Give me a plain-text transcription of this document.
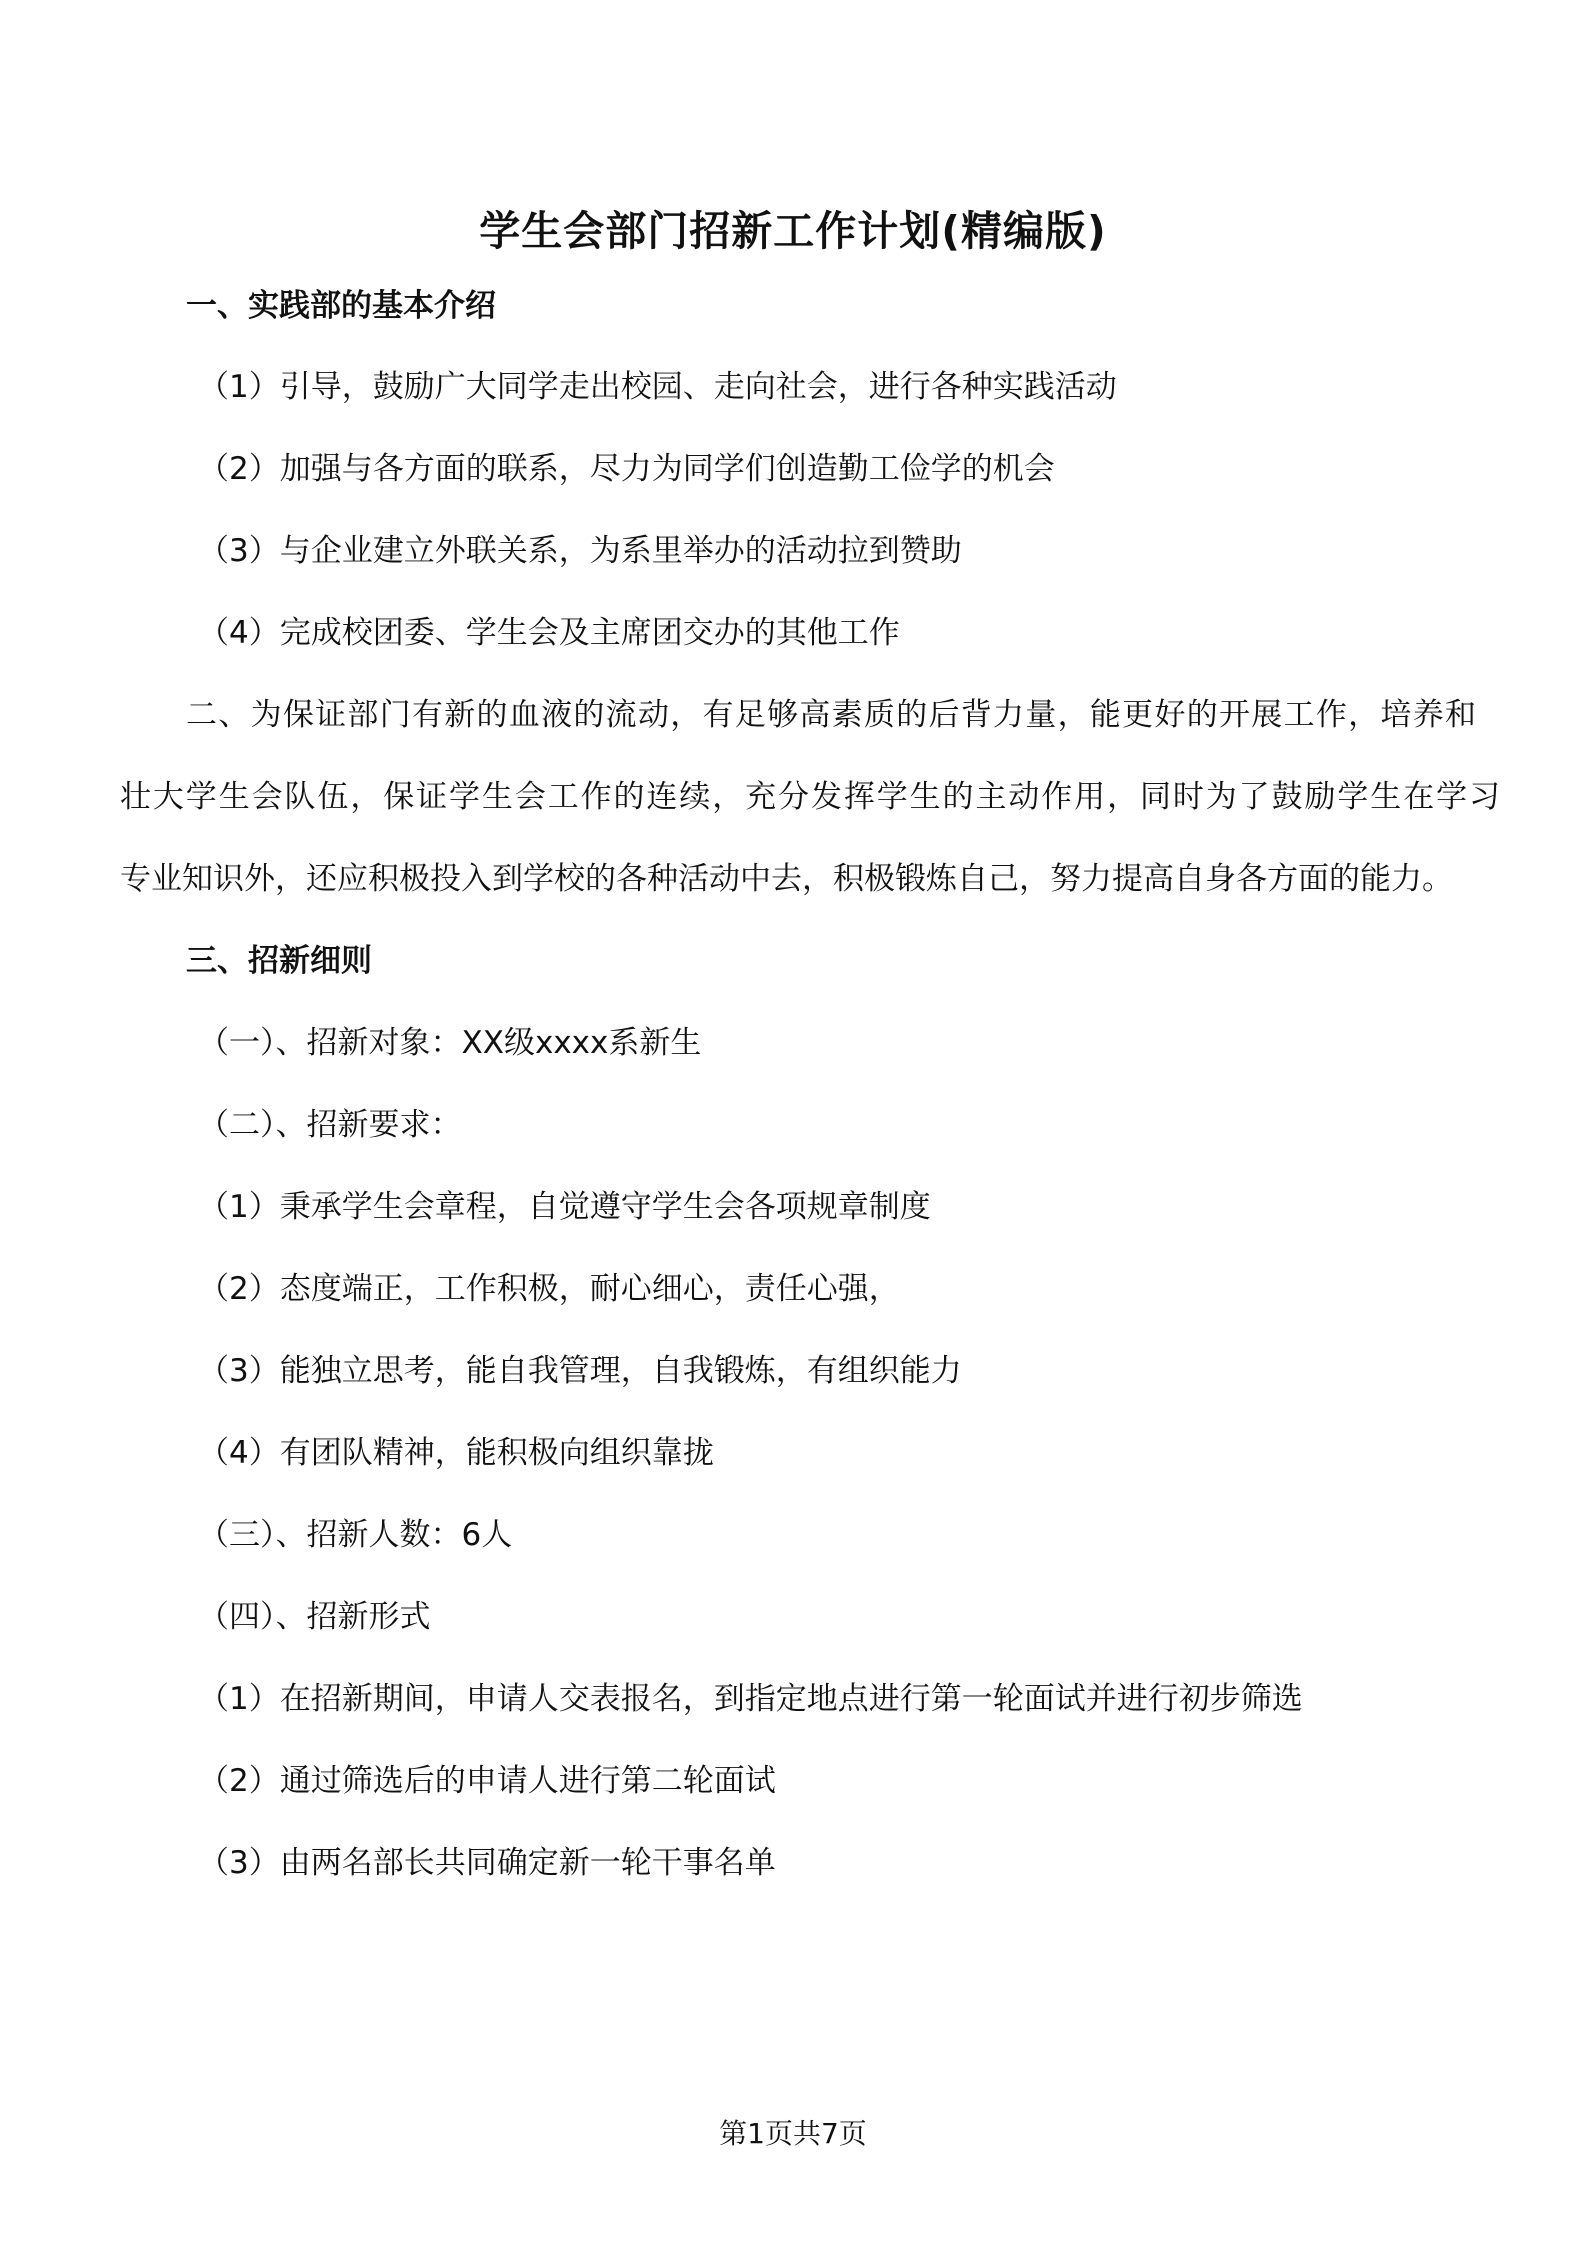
学生会部门招新工作计划(精编版)
一、实践部的基本介绍
（1）引导，鼓励广大同学走出校园、走向社会，进行各种实践活动
（2）加强与各方面的联系，尽力为同学们创造勤工俭学的机会
（3）与企业建立外联关系，为系里举办的活动拉到赞助
（4）完成校团委、学生会及主席团交办的其他工作
二、为保证部门有新的血液的流动，有足够高素质的后背力量，能更好的开展工作，培养和
壮大学生会队伍，保证学生会工作的连续，充分发挥学生的主动作用，同时为了鼓励学生在学习
专业知识外，还应积极投入到学校的各种活动中去，积极锻炼自己，努力提高自身各方面的能力。
三、招新细则
（一）、招新对象：XX级xxxx系新生
（二）、招新要求：
（1）秉承学生会章程，自觉遵守学生会各项规章制度
（2）态度端正，工作积极，耐心细心，责任心强，
（3）能独立思考，能自我管理，自我锻炼，有组织能力
（4）有团队精神，能积极向组织靠拢
（三）、招新人数：6人
（四）、招新形式
（1）在招新期间，申请人交表报名，到指定地点进行第一轮面试并进行初步筛选
（2）通过筛选后的申请人进行第二轮面试
（3）由两名部长共同确定新一轮干事名单
第1页共7页
